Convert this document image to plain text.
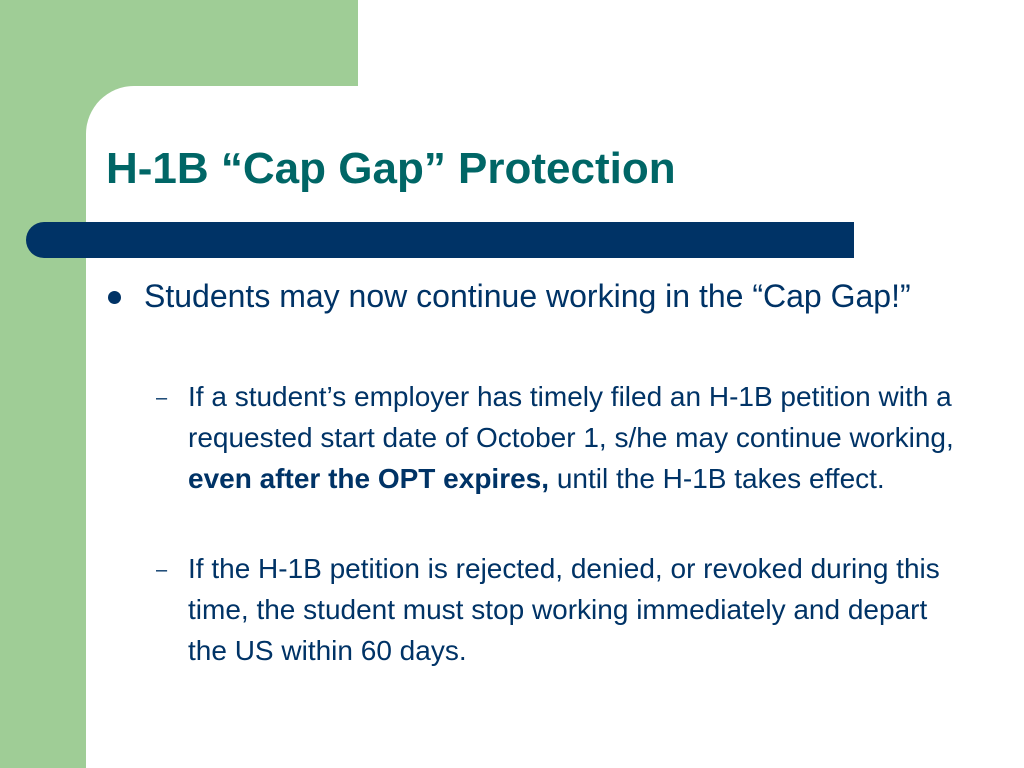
H-1B “Cap Gap” Protection
Students may now continue working in the “Cap Gap!”
– If a student’s employer has timely filed an H-1B petition with a requested start date of October 1, s/he may continue working, even after the OPT expires, until the H-1B takes effect.
– If the H-1B petition is rejected, denied, or revoked during this time, the student must stop working immediately and depart the US within 60 days.
